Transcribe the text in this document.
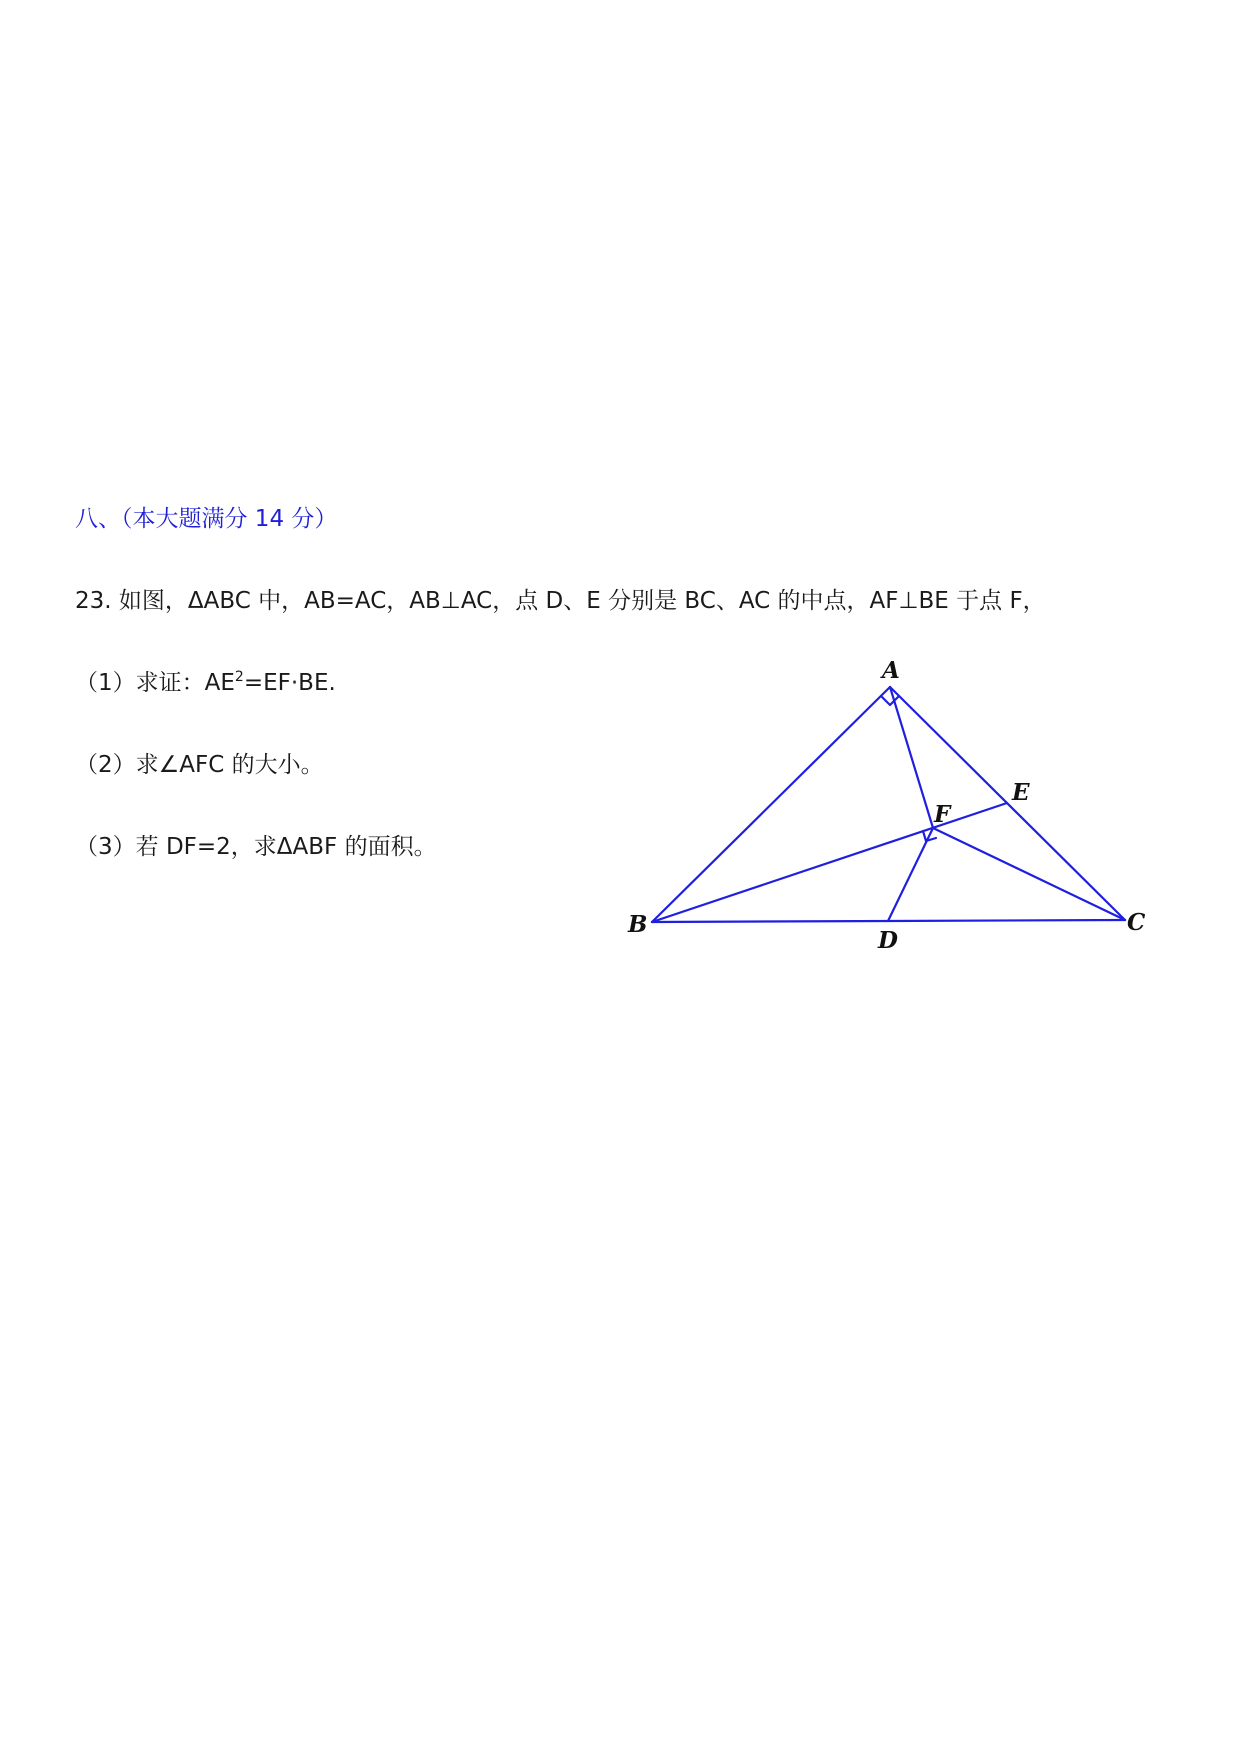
八、（本大题满分 14 分）
23. 如图，ΔABC 中，AB=AC，AB⊥AC，点 D、E 分别是 BC、AC 的中点，AF⊥BE 于点 F，
（1）求证：$AE^2=EF\cdot BE$.
（2）求∠AFC 的大小。
（3）若 DF=2，求ΔABF 的面积。
A
B	C
D
E
F
